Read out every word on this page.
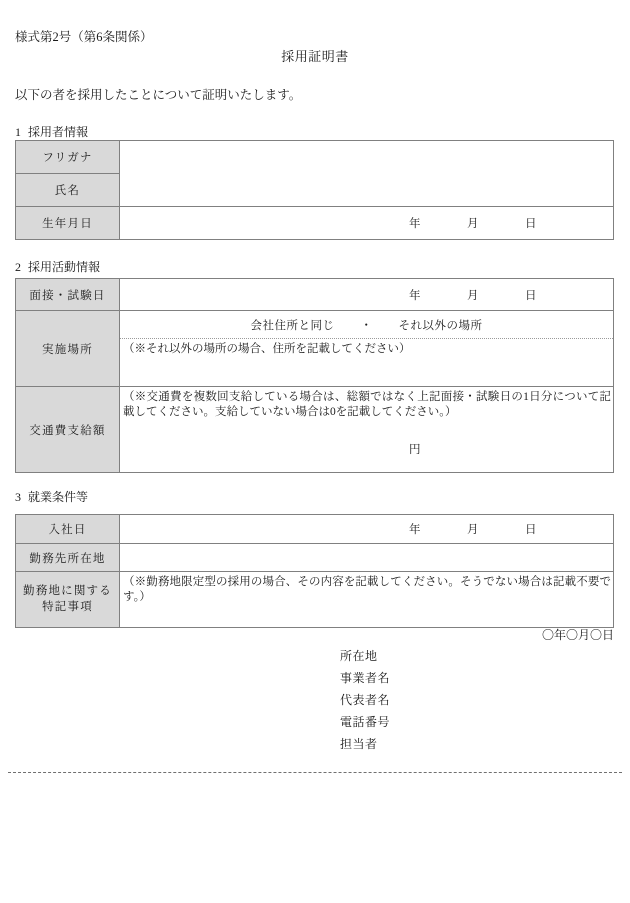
様式第2号（第6条関係）
採用証明書
以下の者を採用したことについて証明いたします。
1 採用者情報
フリガナ	
氏名	
生年月日	年 月 日
2 採用活動情報
面接・試験日	年 月 日

実施場所	会社住所と同じ ・ それ以外の場所
（※それ以外の場所の場合、住所を記載してください）

交通費支給額	（※交通費を複数回支給している場合は、総額ではなく上記面接・試験日の1日分について記載してください。支給していない場合は0を記載してください。）
円
3 就業条件等
入社日	年 月 日

勤務先所在地	

勤務地に関する
特記事項	（※勤務地限定型の採用の場合、その内容を記載してください。そうでない場合は記載不要です。）
〇年〇月〇日
所在地
事業者名
代表者名
電話番号
担当者
